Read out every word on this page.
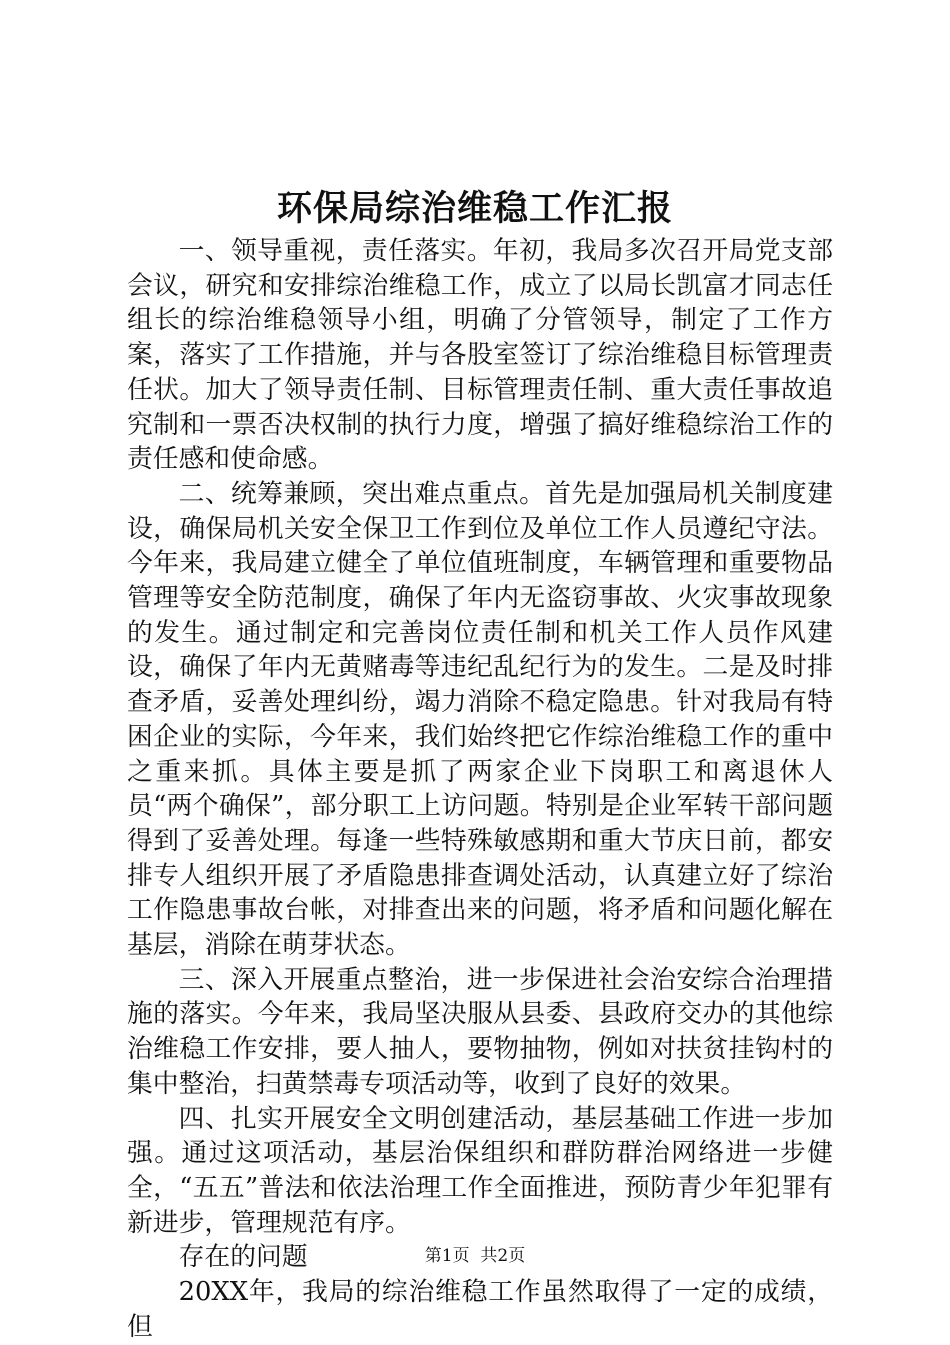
环保局综治维稳工作汇报

一、领导重视，责任落实。年初，我局多次召开局党支部会议，研究和安排综治维稳工作，成立了以局长凯富才同志任组长的综治维稳领导小组，明确了分管领导，制定了工作方案，落实了工作措施，并与各股室签订了综治维稳目标管理责任状。加大了领导责任制、目标管理责任制、重大责任事故追究制和一票否决权制的执行力度，增强了搞好维稳综治工作的责任感和使命感。

二、统筹兼顾，突出难点重点。首先是加强局机关制度建设，确保局机关安全保卫工作到位及单位工作人员遵纪守法。今年来，我局建立健全了单位值班制度，车辆管理和重要物品管理等安全防范制度，确保了年内无盗窃事故、火灾事故现象的发生。通过制定和完善岗位责任制和机关工作人员作风建设，确保了年内无黄赌毒等违纪乱纪行为的发生。二是及时排查矛盾，妥善处理纠纷，竭力消除不稳定隐患。针对我局有特困企业的实际，今年来，我们始终把它作综治维稳工作的重中之重来抓。具体主要是抓了两家企业下岗职工和离退休人员“两个确保”，部分职工上访问题。特别是企业军转干部问题得到了妥善处理。每逢一些特殊敏感期和重大节庆日前，都安排专人组织开展了矛盾隐患排查调处活动，认真建立好了综治工作隐患事故台帐，对排查出来的问题，将矛盾和问题化解在基层，消除在萌芽状态。

三、深入开展重点整治，进一步保进社会治安综合治理措施的落实。今年来，我局坚决服从县委、县政府交办的其他综治维稳工作安排，要人抽人，要物抽物，例如对扶贫挂钩村的集中整治，扫黄禁毒专项活动等，收到了良好的效果。

四、扎实开展安全文明创建活动，基层基础工作进一步加强。通过这项活动，基层治保组织和群防群治网络进一步健全，“五五”普法和依法治理工作全面推进，预防青少年犯罪有新进步，管理规范有序。

存在的问题

20XX年，我局的综治维稳工作虽然取得了一定的成绩，但

第1页  共2页
